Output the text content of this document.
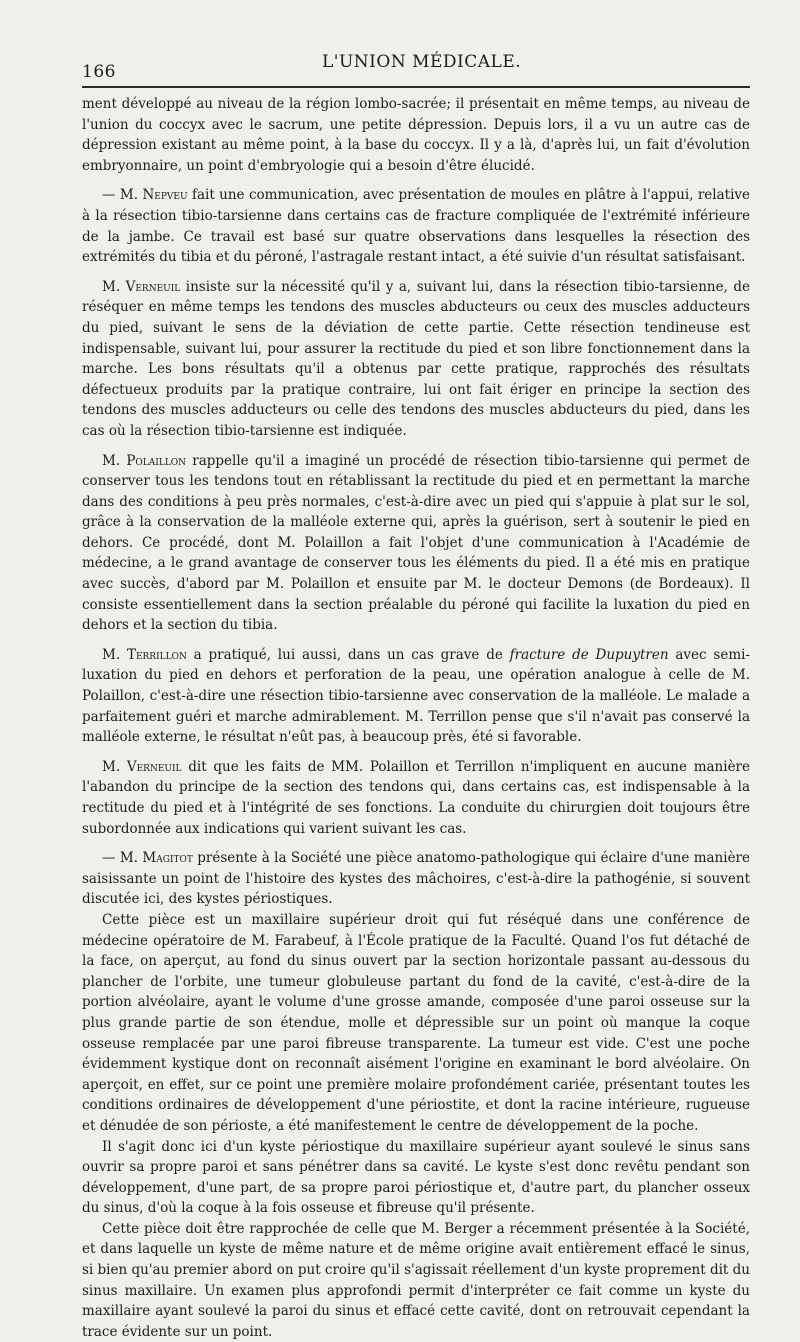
166	L'UNION MÉDICALE.

ment développé au niveau de la région lombo-sacrée; il présentait en même temps, au niveau de l'union du coccyx avec le sacrum, une petite dépression. Depuis lors, il a vu un autre cas de dépression existant au même point, à la base du coccyx. Il y a là, d'après lui, un fait d'évolution embryonnaire, un point d'embryologie qui a besoin d'être élucidé.

— M. Nepveu fait une communication, avec présentation de moules en plâtre à l'appui, relative à la résection tibio-tarsienne dans certains cas de fracture compliquée de l'extrémité inférieure de la jambe. Ce travail est basé sur quatre observations dans lesquelles la résection des extrémités du tibia et du péroné, l'astragale restant intact, a été suivie d'un résultat satisfaisant.

M. Verneuil insiste sur la nécessité qu'il y a, suivant lui, dans la résection tibio-tarsienne, de réséquer en même temps les tendons des muscles abducteurs ou ceux des muscles adducteurs du pied, suivant le sens de la déviation de cette partie. Cette résection tendineuse est indispensable, suivant lui, pour assurer la rectitude du pied et son libre fonctionnement dans la marche. Les bons résultats qu'il a obtenus par cette pratique, rapprochés des résultats défectueux produits par la pratique contraire, lui ont fait ériger en principe la section des tendons des muscles adducteurs ou celle des tendons des muscles abducteurs du pied, dans les cas où la résection tibio-tarsienne est indiquée.

M. Polaillon rappelle qu'il a imaginé un procédé de résection tibio-tarsienne qui permet de conserver tous les tendons tout en rétablissant la rectitude du pied et en permettant la marche dans des conditions à peu près normales, c'est-à-dire avec un pied qui s'appuie à plat sur le sol, grâce à la conservation de la malléole externe qui, après la guérison, sert à soutenir le pied en dehors. Ce procédé, dont M. Polaillon a fait l'objet d'une communication à l'Académie de médecine, a le grand avantage de conserver tous les éléments du pied. Il a été mis en pratique avec succès, d'abord par M. Polaillon et ensuite par M. le docteur Demons (de Bordeaux). Il consiste essentiellement dans la section préalable du péroné qui facilite la luxation du pied en dehors et la section du tibia.

M. Terrillon a pratiqué, lui aussi, dans un cas grave de fracture de Dupuytren avec semi-luxation du pied en dehors et perforation de la peau, une opération analogue à celle de M. Polaillon, c'est-à-dire une résection tibio-tarsienne avec conservation de la malléole. Le malade a parfaitement guéri et marche admirablement. M. Terrillon pense que s'il n'avait pas conservé la malléole externe, le résultat n'eût pas, à beaucoup près, été si favorable.

M. Verneuil dit que les faits de MM. Polaillon et Terrillon n'impliquent en aucune manière l'abandon du principe de la section des tendons qui, dans certains cas, est indispensable à la rectitude du pied et à l'intégrité de ses fonctions. La conduite du chirurgien doit toujours être subordonnée aux indications qui varient suivant les cas.

— M. Magitot présente à la Société une pièce anatomo-pathologique qui éclaire d'une manière saisissante un point de l'histoire des kystes des mâchoires, c'est-à-dire la pathogénie, si souvent discutée ici, des kystes périostiques.

Cette pièce est un maxillaire supérieur droit qui fut réséqué dans une conférence de médecine opératoire de M. Farabeuf, à l'École pratique de la Faculté. Quand l'os fut détaché de la face, on aperçut, au fond du sinus ouvert par la section horizontale passant au-dessous du plancher de l'orbite, une tumeur globuleuse partant du fond de la cavité, c'est-à-dire de la portion alvéolaire, ayant le volume d'une grosse amande, composée d'une paroi osseuse sur la plus grande partie de son étendue, molle et dépressible sur un point où manque la coque osseuse remplacée par une paroi fibreuse transparente. La tumeur est vide. C'est une poche évidemment kystique dont on reconnaît aisément l'origine en examinant le bord alvéolaire. On aperçoit, en effet, sur ce point une première molaire profondément cariée, présentant toutes les conditions ordinaires de développement d'une périostite, et dont la racine intérieure, rugueuse et dénudée de son périoste, a été manifestement le centre de développement de la poche.

Il s'agit donc ici d'un kyste périostique du maxillaire supérieur ayant soulevé le sinus sans ouvrir sa propre paroi et sans pénétrer dans sa cavité. Le kyste s'est donc revêtu pendant son développement, d'une part, de sa propre paroi périostique et, d'autre part, du plancher osseux du sinus, d'où la coque à la fois osseuse et fibreuse qu'il présente.

Cette pièce doit être rapprochée de celle que M. Berger a récemment présentée à la Société, et dans laquelle un kyste de même nature et de même origine avait entièrement effacé le sinus, si bien qu'au premier abord on put croire qu'il s'agissait réellement d'un kyste proprement dit du sinus maxillaire. Un examen plus approfondi permit d'interpréter ce fait comme un kyste du maxillaire ayant soulevé la paroi du sinus et effacé cette cavité, dont on retrouvait cependant la trace évidente sur un point.
